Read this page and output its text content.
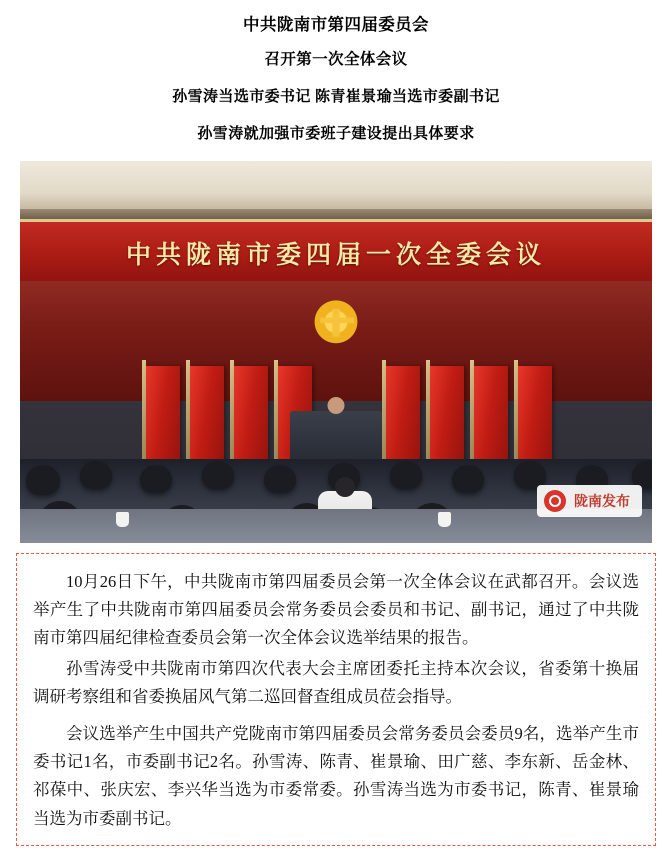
中共陇南市第四届委员会
召开第一次全体会议
孙雪涛当选市委书记 陈青崔景瑜当选市委副书记
孙雪涛就加强市委班子建设提出具体要求
中共陇南市委四届一次全委会议
陇南发布

10月26日下午，中共陇南市第四届委员会第一次全体会议在武都召开。会议选举产生了中共陇南市第四届委员会常务委员会委员和书记、副书记，通过了中共陇南市第四届纪律检查委员会第一次全体会议选举结果的报告。

孙雪涛受中共陇南市第四次代表大会主席团委托主持本次会议，省委第十换届调研考察组和省委换届风气第二巡回督查组成员莅会指导。

会议选举产生中国共产党陇南市第四届委员会常务委员会委员9名，选举产生市委书记1名，市委副书记2名。孙雪涛、陈青、崔景瑜、田广慈、李东新、岳金林、祁葆中、张庆宏、李兴华当选为市委常委。孙雪涛当选为市委书记，陈青、崔景瑜当选为市委副书记。
